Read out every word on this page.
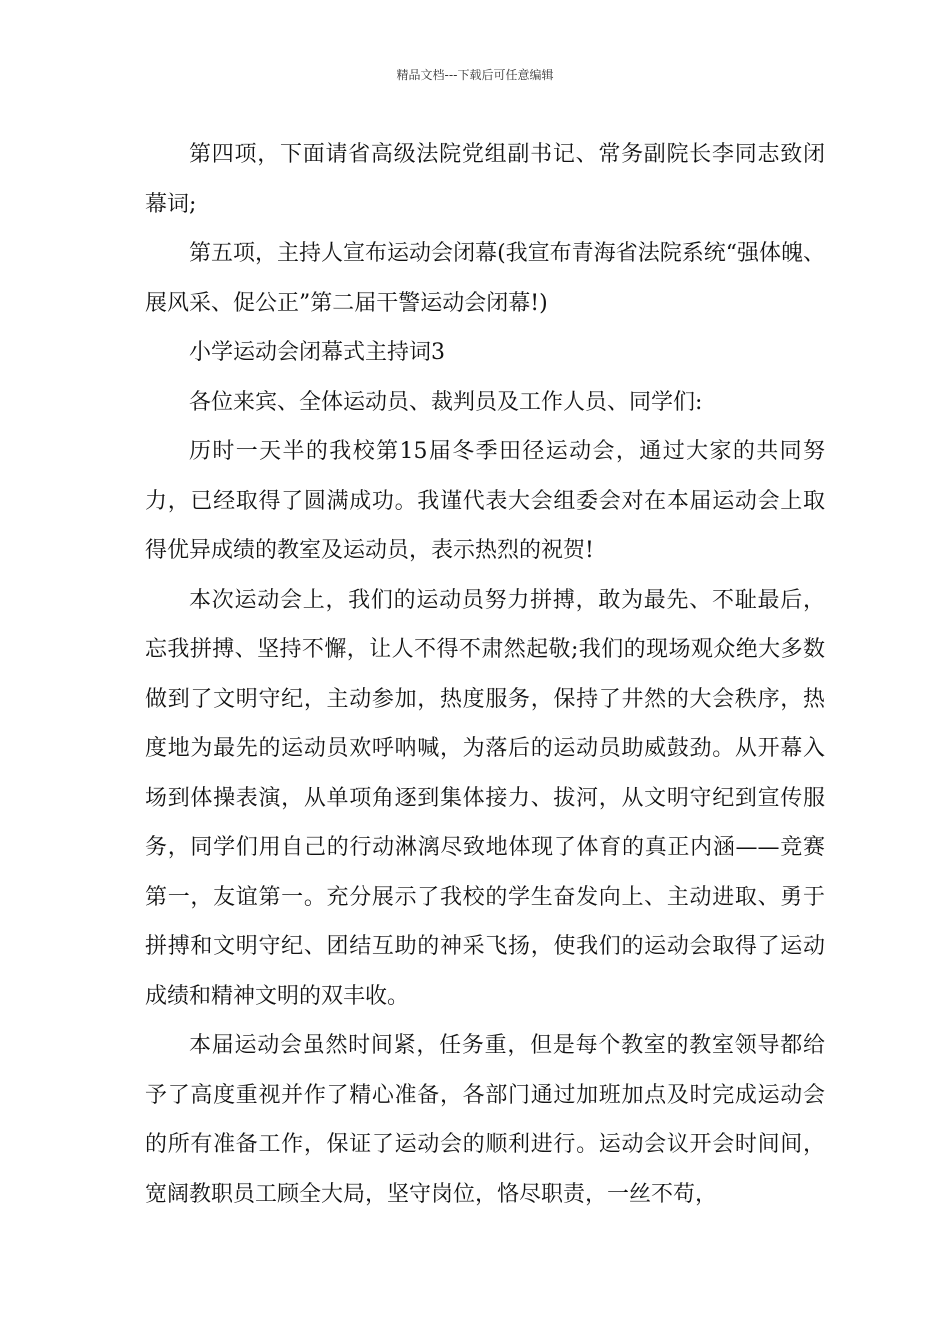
精品文档---下载后可任意编辑

第四项，下面请省高级法院党组副书记、常务副院长李同志致闭幕词;

第五项，主持人宣布运动会闭幕(我宣布青海省法院系统“强体魄、展风采、促公正”第二届干警运动会闭幕!)

小学运动会闭幕式主持词3

各位来宾、全体运动员、裁判员及工作人员、同学们:

历时一天半的我校第15届冬季田径运动会，通过大家的共同努力，已经取得了圆满成功。我谨代表大会组委会对在本届运动会上取得优异成绩的教室及运动员，表示热烈的祝贺!

本次运动会上，我们的运动员努力拼搏，敢为最先、不耻最后，忘我拼搏、坚持不懈，让人不得不肃然起敬;我们的现场观众绝大多数做到了文明守纪，主动参加，热度服务，保持了井然的大会秩序，热度地为最先的运动员欢呼呐喊，为落后的运动员助威鼓劲。从开幕入场到体操表演，从单项角逐到集体接力、拔河，从文明守纪到宣传服务，同学们用自己的行动淋漓尽致地体现了体育的真正内涵——竞赛第一，友谊第一。充分展示了我校的学生奋发向上、主动进取、勇于拼搏和文明守纪、团结互助的神采飞扬，使我们的运动会取得了运动成绩和精神文明的双丰收。

本届运动会虽然时间紧，任务重，但是每个教室的教室领导都给予了高度重视并作了精心准备，各部门通过加班加点及时完成运动会的所有准备工作，保证了运动会的顺利进行。运动会议开会时间间，宽阔教职员工顾全大局，坚守岗位，恪尽职责，一丝不苟，
